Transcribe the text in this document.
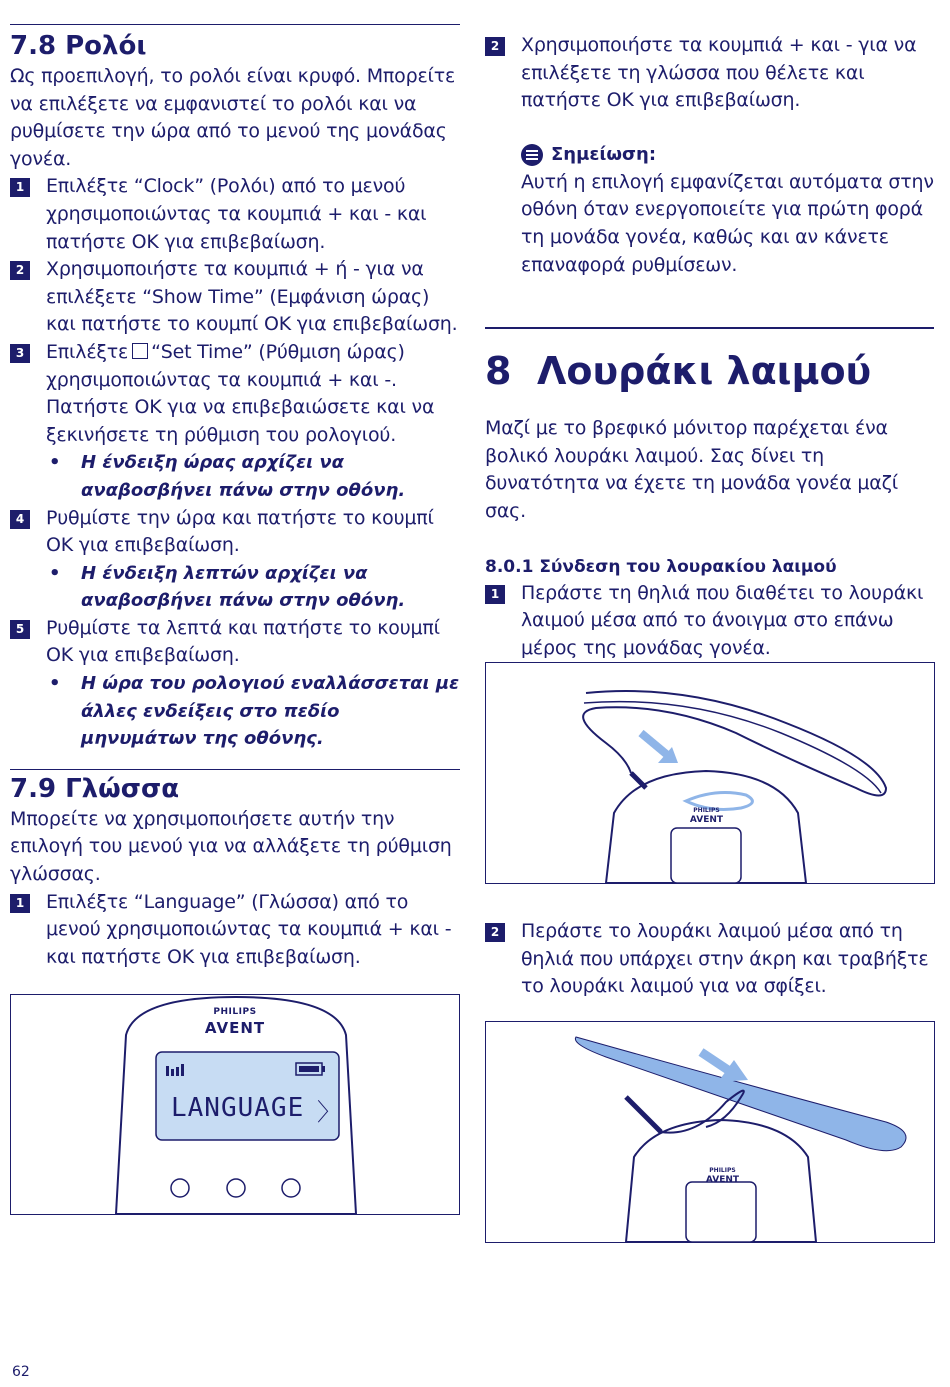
7.8 Ρολόι

Ως προεπιλογή, το ρολόι είναι κρυφό. Μπορείτε να επιλέξετε να εμφανιστεί το ρολόι και να ρυθμίσετε την ώρα από το μενού της μονάδας γονέα.

1	Επιλέξτε “Clock” (Ρολόι) από το μενού χρησιμοποιώντας τα κουμπιά + και - και πατήστε OK για επιβεβαίωση.
2	Χρησιμοποιήστε τα κουμπιά + ή - για να επιλέξετε “Show Time” (Εμφάνιση ώρας) και πατήστε το κουμπί OK για επιβεβαίωση.
3	Επιλέξτε “Set Time” (Ρύθμιση ώρας) χρησιμοποιώντας τα κουμπιά + και -. Πατήστε OK για να επιβεβαιώσετε και να ξεκινήσετε τη ρύθμιση του ρολογιού.
• Η ένδειξη ώρας αρχίζει να αναβοσβήνει πάνω στην οθόνη.
4	Ρυθμίστε την ώρα και πατήστε το κουμπί OK για επιβεβαίωση.
• Η ένδειξη λεπτών αρχίζει να αναβοσβήνει πάνω στην οθόνη.
5	Ρυθμίστε τα λεπτά και πατήστε το κουμπί OK για επιβεβαίωση.
• Η ώρα του ρολογιού εναλλάσσεται με άλλες ενδείξεις στο πεδίο μηνυμάτων της οθόνης.
7.9 Γλώσσα

Μπορείτε να χρησιμοποιήσετε αυτήν την επιλογή του μενού για να αλλάξετε τη ρύθμιση γλώσσας.

1	Επιλέξτε “Language” (Γλώσσα) από το μενού χρησιμοποιώντας τα κουμπιά + και - και πατήστε OK για επιβεβαίωση.
PHILIPS
AVENT
LANGUAGE 〉
2	Χρησιμοποιήστε τα κουμπιά + και - για να επιλέξετε τη γλώσσα που θέλετε και πατήστε OK για επιβεβαίωση.
Σημείωση:

Αυτή η επιλογή εμφανίζεται αυτόματα στην οθόνη όταν ενεργοποιείτε για πρώτη φορά τη μονάδα γονέα, καθώς και αν κάνετε επαναφορά ρυθμίσεων.

8 Λουράκι λαιμού

Μαζί με το βρεφικό μόνιτορ παρέχεται ένα βολικό λουράκι λαιμού. Σας δίνει τη δυνατότητα να έχετε τη μονάδα γονέα μαζί σας.

8.0.1 Σύνδεση του λουρακίου λαιμού
1	Περάστε τη θηλιά που διαθέτει το λουράκι λαιμού μέσα από το άνοιγμα στο επάνω μέρος της μονάδας γονέα.
PHILIPS
AVENT
2	Περάστε το λουράκι λαιμού μέσα από τη θηλιά που υπάρχει στην άκρη και τραβήξτε το λουράκι λαιμού για να σφίξει.
PHILIPS
AVENT
62
